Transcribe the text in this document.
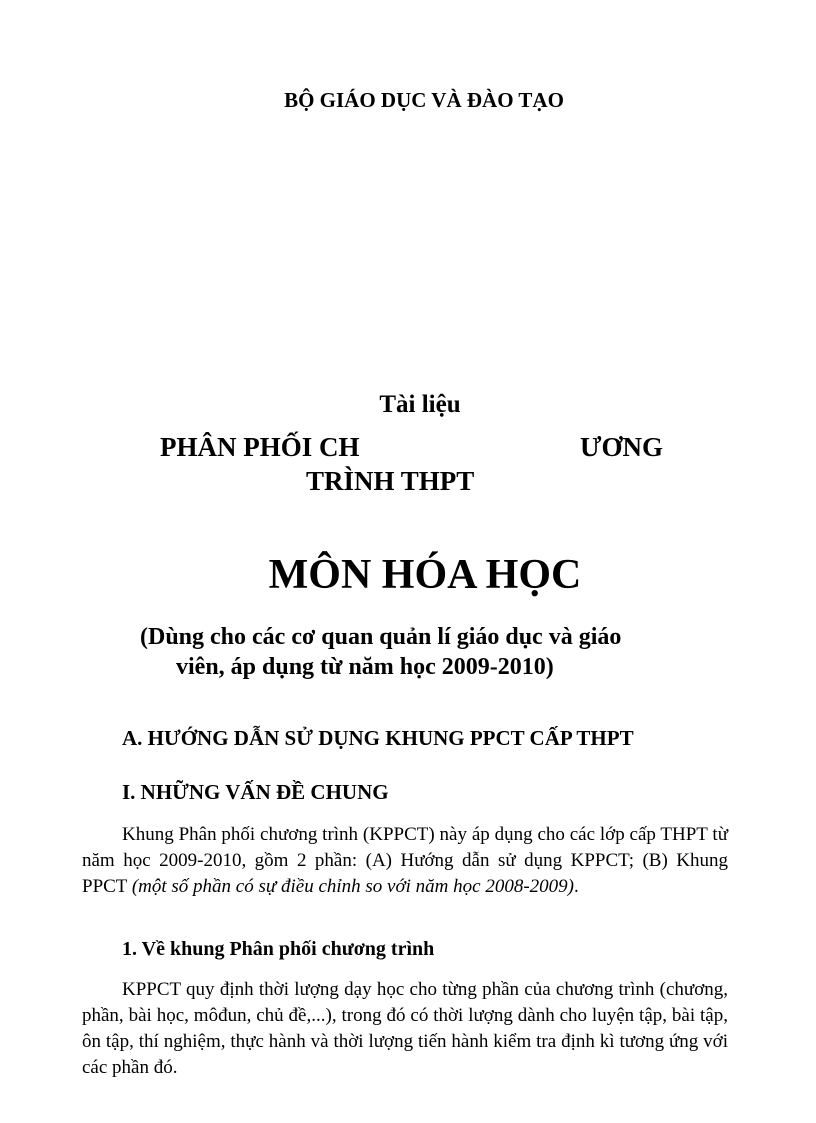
BỘ GIÁO DỤC VÀ ĐÀO TẠO
Tài liệu
PHÂN PHỐI CH	ƯƠNG
TRÌNH THPT
MÔN HÓA HỌC
(Dùng cho các cơ quan quản lí giáo dục và giáo
viên, áp dụng từ năm học 2009-2010)
A. HƯỚNG DẪN SỬ DỤNG KHUNG PPCT CẤP THPT
I. NHỮNG VẤN ĐỀ CHUNG

Khung Phân phối chương trình (KPPCT) này áp dụng cho các lớp cấp THPT từ năm học 2009-2010, gồm 2 phần: (A) Hướng dẫn sử dụng KPPCT; (B) Khung PPCT (một số phần có sự điều chỉnh so với năm học 2008-2009).

1. Về khung Phân phối chương trình

KPPCT quy định thời lượng dạy học cho từng phần của chương trình (chương, phần, bài học, môđun, chủ đề,...), trong đó có thời lượng dành cho luyện tập, bài tập, ôn tập, thí nghiệm, thực hành và thời lượng tiến hành kiểm tra định kì tương ứng với các phần đó.
